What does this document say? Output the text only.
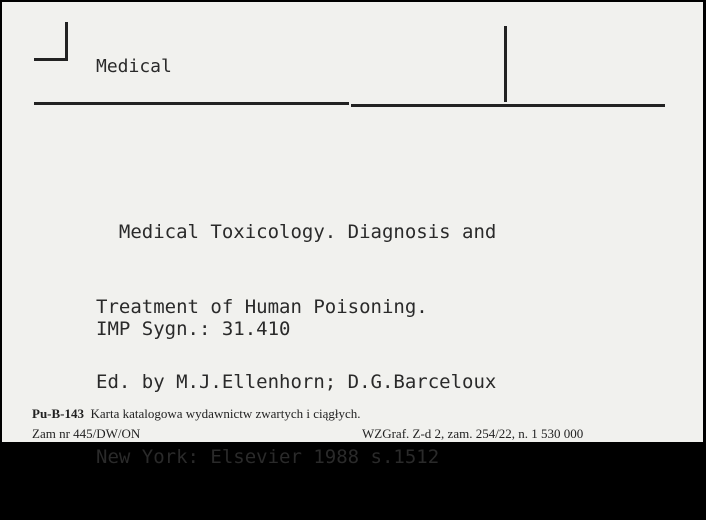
Medical

Medical Toxicology. Diagnosis and

Treatment of Human Poisoning.

Ed. by M.J.Ellenhorn; D.G.Barceloux

New York: Elsevier 1988 s.1512

IMP Sygn.: 31.410
Pu-B-143 Karta katalogowa wydawnictw zwartych i ciągłych.
Zam nr 445/DW/ON	WZGraf. Z-d 2, zam. 254/22, n. 1 530 000
